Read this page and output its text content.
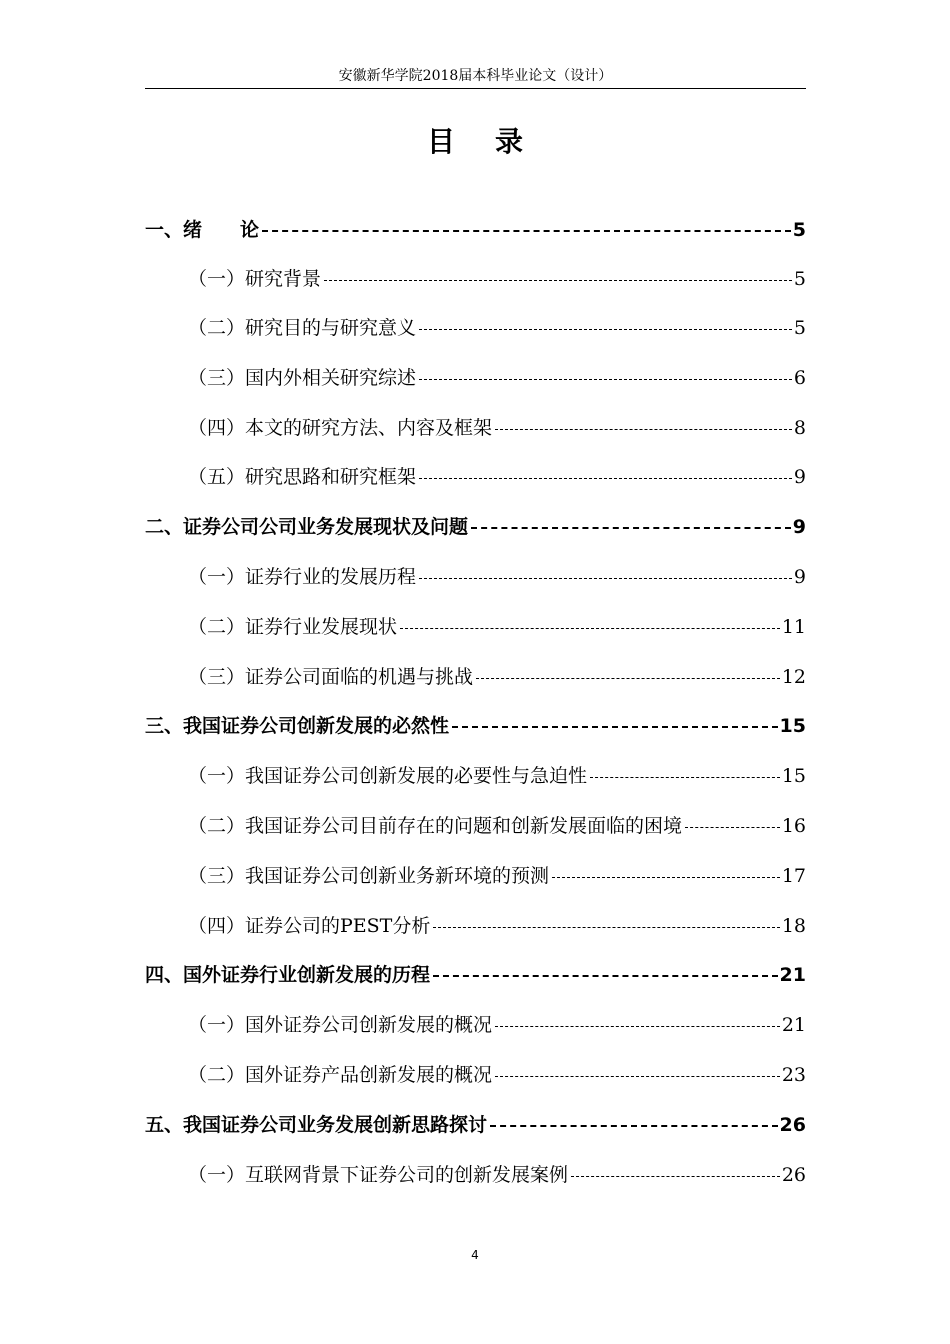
安徽新华学院2018届本科毕业论文（设计）
目录
一、绪　　论	5
（一）研究背景	5
（二）研究目的与研究意义	5
（三）国内外相关研究综述	6
（四）本文的研究方法、内容及框架	8
（五）研究思路和研究框架	9
二、证券公司公司业务发展现状及问题	9
（一）证券行业的发展历程	9
（二）证券行业发展现状	11
（三）证券公司面临的机遇与挑战	12
三、我国证券公司创新发展的必然性	15
（一）我国证券公司创新发展的必要性与急迫性	15
（二）我国证券公司目前存在的问题和创新发展面临的困境	16
（三）我国证券公司创新业务新环境的预测	17
（四）证券公司的PEST分析	18
四、国外证券行业创新发展的历程	21
（一）国外证券公司创新发展的概况	21
（二）国外证券产品创新发展的概况	23
五、我国证券公司业务发展创新思路探讨	26
（一）互联网背景下证券公司的创新发展案例	26
4
